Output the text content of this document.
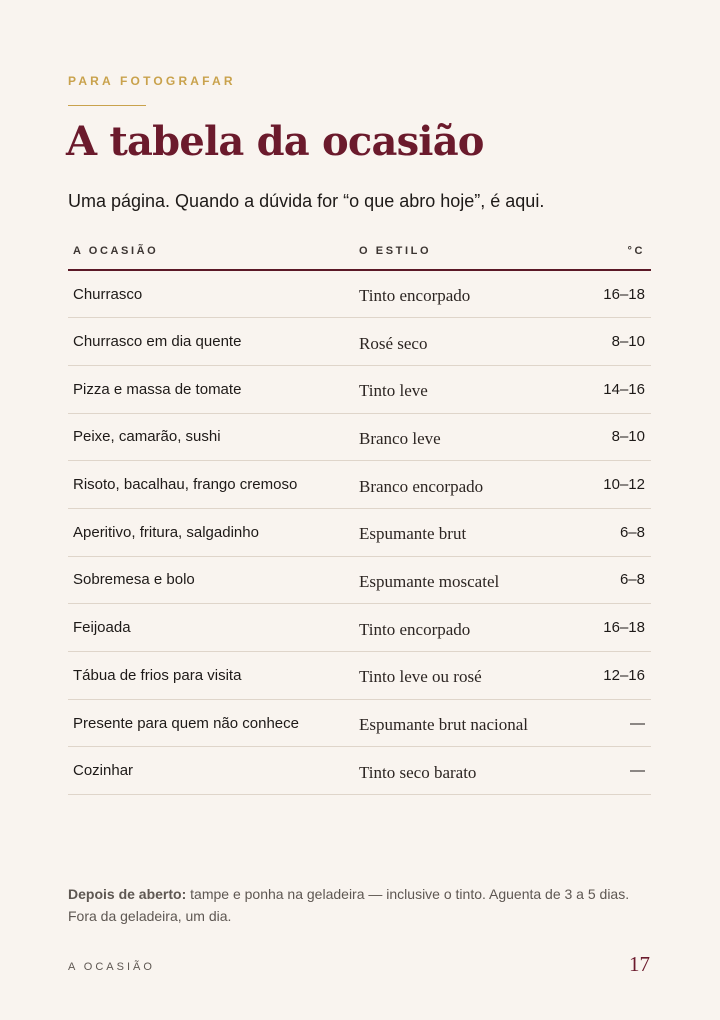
PARA FOTOGRAFAR
A tabela da ocasião

Uma página. Quando a dúvida for “o que abro hoje”, é aqui.

A OCASIÃO	O ESTILO	°C
Churrasco	Tinto encorpado	16–18
Churrasco em dia quente	Rosé seco	8–10
Pizza e massa de tomate	Tinto leve	14–16
Peixe, camarão, sushi	Branco leve	8–10
Risoto, bacalhau, frango cremoso	Branco encorpado	10–12
Aperitivo, fritura, salgadinho	Espumante brut	6–8
Sobremesa e bolo	Espumante moscatel	6–8
Feijoada	Tinto encorpado	16–18
Tábua de frios para visita	Tinto leve ou rosé	12–16
Presente para quem não conhece	Espumante brut nacional	—
Cozinhar	Tinto seco barato	—

Depois de aberto: tampe e ponha na geladeira — inclusive o tinto. Aguenta de 3 a 5 dias. Fora da geladeira, um dia.

A OCASIÃO	17
